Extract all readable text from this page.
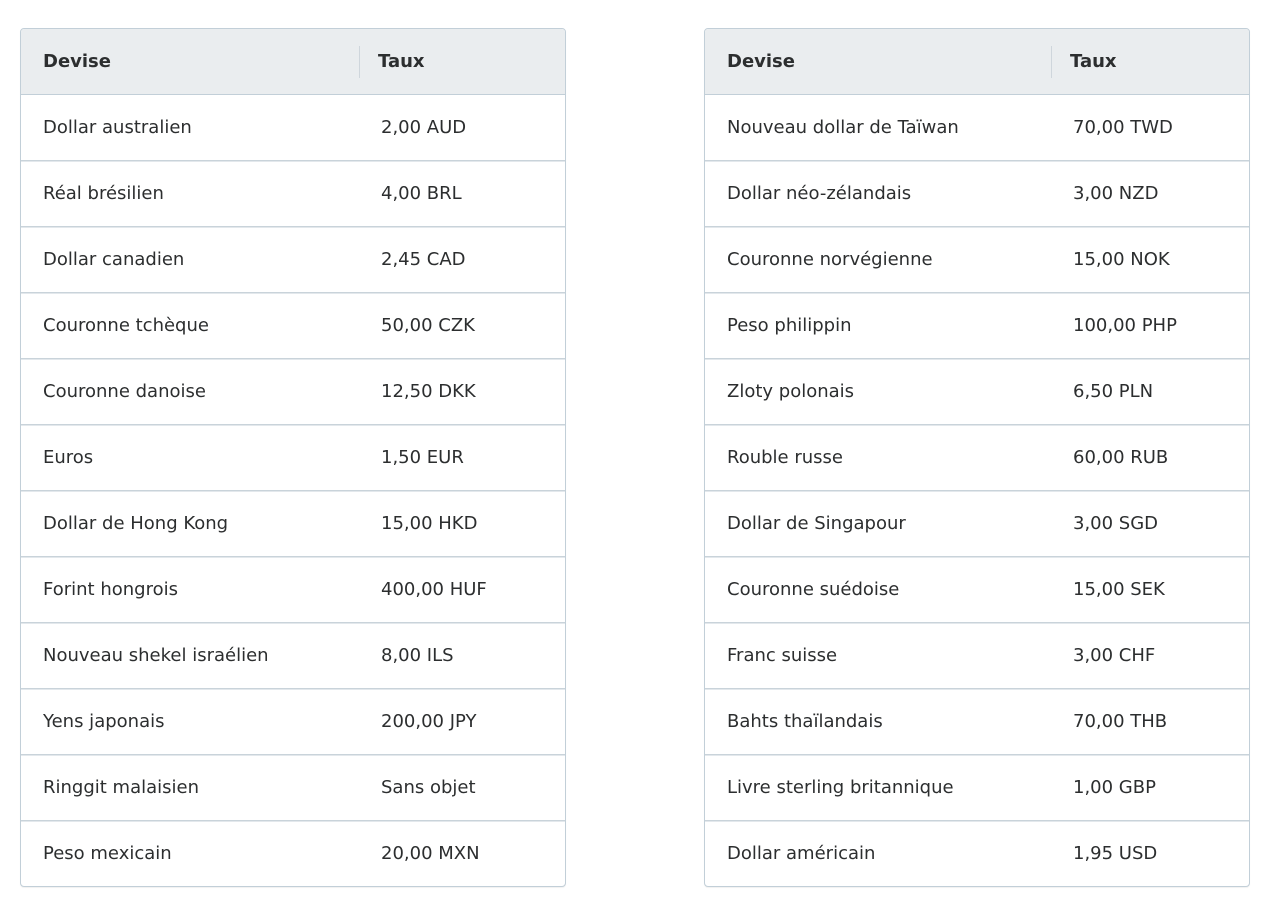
Devise	Taux
Dollar australien	2,00 AUD
Réal brésilien	4,00 BRL
Dollar canadien	2,45 CAD
Couronne tchèque	50,00 CZK
Couronne danoise	12,50 DKK
Euros	1,50 EUR
Dollar de Hong Kong	15,00 HKD
Forint hongrois	400,00 HUF
Nouveau shekel israélien	8,00 ILS
Yens japonais	200,00 JPY
Ringgit malaisien	Sans objet
Peso mexicain	20,00 MXN
Devise	Taux
Nouveau dollar de Taïwan	70,00 TWD
Dollar néo-zélandais	3,00 NZD
Couronne norvégienne	15,00 NOK
Peso philippin	100,00 PHP
Zloty polonais	6,50 PLN
Rouble russe	60,00 RUB
Dollar de Singapour	3,00 SGD
Couronne suédoise	15,00 SEK
Franc suisse	3,00 CHF
Bahts thaïlandais	70,00 THB
Livre sterling britannique	1,00 GBP
Dollar américain	1,95 USD
